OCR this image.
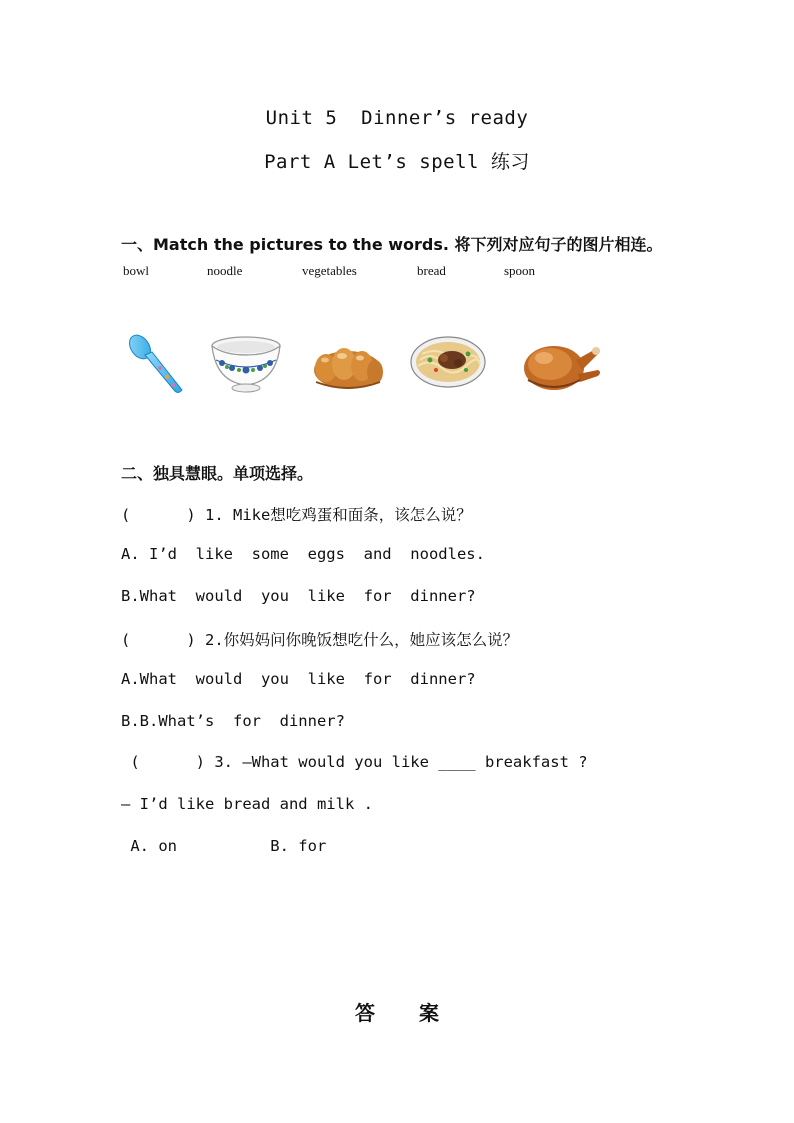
Unit 5  Dinner’s ready
Part A Let’s spell 练习
一、Match the pictures to the words. 将下列对应句子的图片相连。
bowl	noodle	vegetables	bread	spoon
二、独具慧眼。单项选择。
(      ) 1. Mike想吃鸡蛋和面条，该怎么说？
A. I’d  like  some  eggs  and  noodles.
B.What  would  you  like  for  dinner?
(      ) 2.你妈妈问你晚饭想吃什么，她应该怎么说？
A.What  would  you  like  for  dinner?
B.B.What’s  for  dinner?
(      ) 3. —What would you like ____ breakfast ?
— I’d like bread and milk .
A. on          B. for
答案
